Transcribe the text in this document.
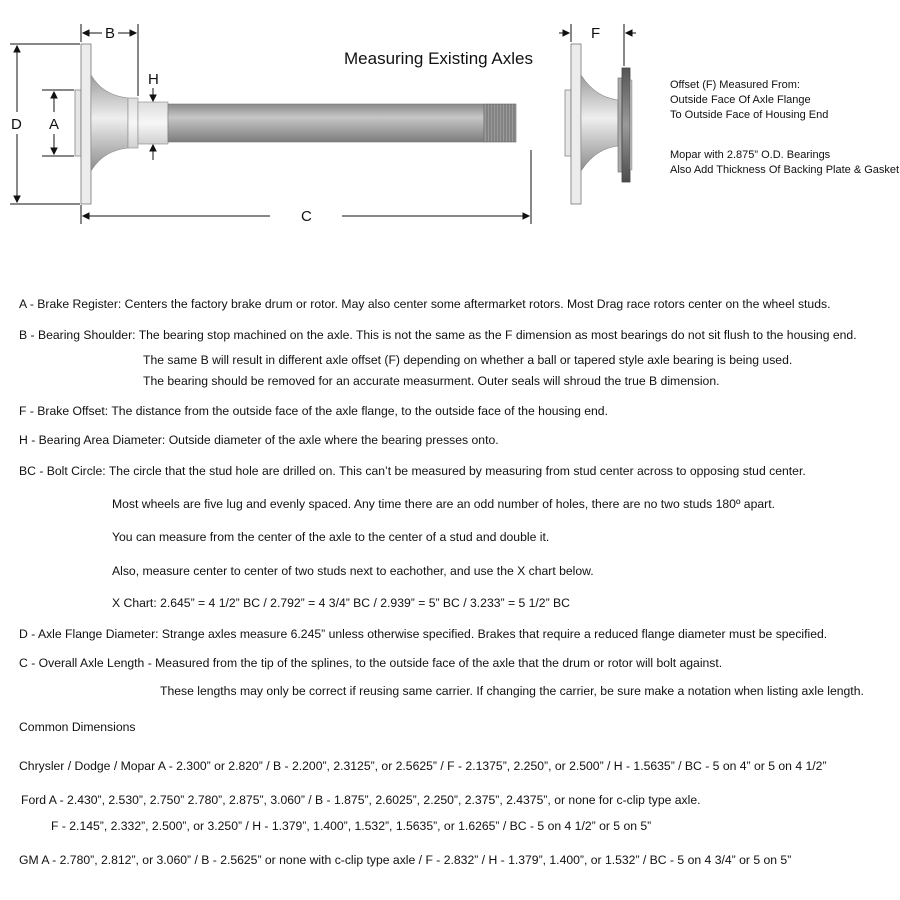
Measuring Existing Axles
B
H
D A
C
F
Offset (F) Measured From:
Outside Face Of Axle Flange
To Outside Face of Housing End
Mopar with 2.875” O.D. Bearings
Also Add Thickness Of Backing Plate & Gasket
A - Brake Register: Centers the factory brake drum or rotor. May also center some aftermarket rotors. Most Drag race rotors center on the wheel studs.
B - Bearing Shoulder: The bearing stop machined on the axle. This is not the same as the F dimension as most bearings do not sit flush to the housing end.
The same B will result in different axle offset (F) depending on whether a ball or tapered style axle bearing is being used.
The bearing should be removed for an accurate measurment. Outer seals will shroud the true B dimension.
F - Brake Offset: The distance from the outside face of the axle flange, to the outside face of the housing end.
H - Bearing Area Diameter: Outside diameter of the axle where the bearing presses onto.
BC - Bolt Circle: The circle that the stud hole are drilled on. This can’t be measured by measuring from stud center across to opposing stud center.
Most wheels are five lug and evenly spaced. Any time there are an odd number of holes, there are no two studs 180º apart.
You can measure from the center of the axle to the center of a stud and double it.
Also, measure center to center of two studs next to eachother, and use the X chart below.
X Chart: 2.645” = 4 1/2” BC / 2.792” = 4 3/4” BC / 2.939” = 5” BC / 3.233” = 5 1/2” BC
D - Axle Flange Diameter: Strange axles measure 6.245” unless otherwise specified. Brakes that require a reduced flange diameter must be specified.
C - Overall Axle Length - Measured from the tip of the splines, to the outside face of the axle that the drum or rotor will bolt against.
These lengths may only be correct if reusing same carrier. If changing the carrier, be sure make a notation when listing axle length.
Common Dimensions
Chrysler / Dodge / Mopar A - 2.300” or 2.820” / B - 2.200”, 2.3125”, or 2.5625” / F - 2.1375”, 2.250”, or 2.500” / H - 1.5635” / BC - 5 on 4” or 5 on 4 1/2”
Ford A - 2.430”, 2.530”, 2.750” 2.780”, 2.875”, 3.060” / B - 1.875”, 2.6025”, 2.250”, 2.375”, 2.4375”, or none for c-clip type axle.
F - 2.145”, 2.332”, 2.500”, or 3.250” / H - 1.379”, 1.400”, 1.532”, 1.5635”, or 1.6265” / BC - 5 on 4 1/2” or 5 on 5”
GM A - 2.780”, 2.812”, or 3.060” / B - 2.5625” or none with c-clip type axle / F - 2.832” / H - 1.379”, 1.400”, or 1.532” / BC - 5 on 4 3/4” or 5 on 5”
